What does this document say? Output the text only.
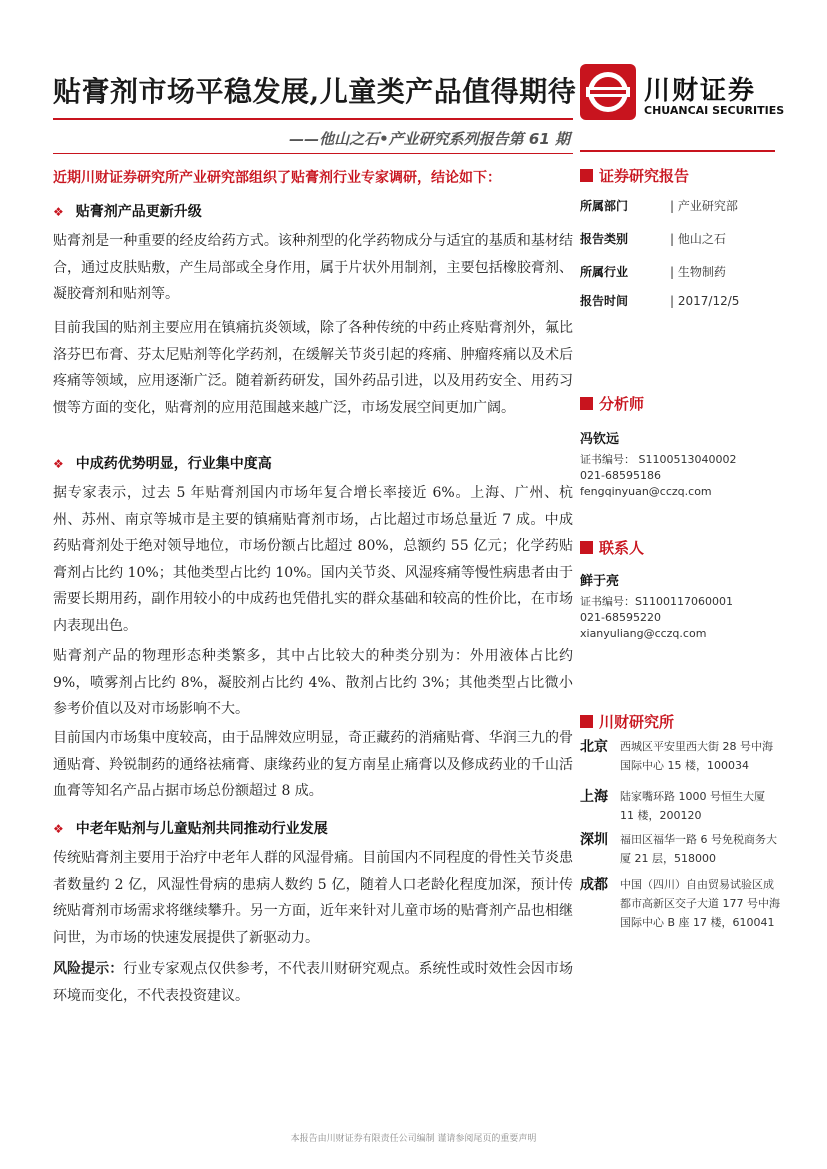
贴膏剂市场平稳发展,儿童类产品值得期待	川财证券
CHUANCAI SECURITIES
——他山之石•产业研究系列报告第 61 期
近期川财证券研究所产业研究部组织了贴膏剂行业专家调研，结论如下：
❖ 贴膏剂产品更新升级
贴膏剂是一种重要的经皮给药方式。该种剂型的化学药物成分与适宜的基质和基材结合，通过皮肤贴敷，产生局部或全身作用，属于片状外用制剂，主要包括橡胶膏剂、凝胶膏剂和贴剂等。
目前我国的贴剂主要应用在镇痛抗炎领域，除了各种传统的中药止疼贴膏剂外，氟比洛芬巴布膏、芬太尼贴剂等化学药剂，在缓解关节炎引起的疼痛、肿瘤疼痛以及术后疼痛等领域，应用逐渐广泛。随着新药研发，国外药品引进，以及用药安全、用药习惯等方面的变化，贴膏剂的应用范围越来越广泛，市场发展空间更加广阔。
❖ 中成药优势明显，行业集中度高
据专家表示，过去 5 年贴膏剂国内市场年复合增长率接近 6%。上海、广州、杭州、苏州、南京等城市是主要的镇痛贴膏剂市场，占比超过市场总量近 7 成。中成药贴膏剂处于绝对领导地位，市场份额占比超过 80%，总额约 55 亿元；化学药贴膏剂占比约 10%；其他类型占比约 10%。国内关节炎、风湿疼痛等慢性病患者由于需要长期用药，副作用较小的中成药也凭借扎实的群众基础和较高的性价比，在市场内表现出色。
贴膏剂产品的物理形态种类繁多，其中占比较大的种类分别为：外用液体占比约 9%，喷雾剂占比约 8%，凝胶剂占比约 4%、散剂占比约 3%；其他类型占比微小参考价值以及对市场影响不大。
目前国内市场集中度较高，由于品牌效应明显，奇正藏药的消痛贴膏、华润三九的骨通贴膏、羚锐制药的通络祛痛膏、康缘药业的复方南星止痛膏以及修成药业的千山活血膏等知名产品占据市场总份额超过 8 成。
❖ 中老年贴剂与儿童贴剂共同推动行业发展
传统贴膏剂主要用于治疗中老年人群的风湿骨痛。目前国内不同程度的骨性关节炎患者数量约 2 亿，风湿性骨病的患病人数约 5 亿，随着人口老龄化程度加深，预计传统贴膏剂市场需求将继续攀升。另一方面，近年来针对儿童市场的贴膏剂产品也相继问世，为市场的快速发展提供了新驱动力。
风险提示：行业专家观点仅供参考，不代表川财研究观点。系统性或时效性会因市场环境而变化，不代表投资建议。
证券研究报告
所属部门	| 产业研究部
报告类别	| 他山之石
所属行业	| 生物制药
报告时间	| 2017/12/5
分析师
冯钦远
证书编号： S1100513040002
021-68595186
fengqinyuan@cczq.com
联系人
鲜于亮
证书编号：S1100117060001
021-68595220
xianyuliang@cczq.com
川财研究所
北京 西城区平安里西大街 28 号中海国际中心 15 楼，100034
上海 陆家嘴环路 1000 号恒生大厦 11 楼，200120
深圳 福田区福华一路 6 号免税商务大厦 21 层，518000
成都 中国（四川）自由贸易试验区成都市高新区交子大道 177 号中海国际中心 B 座 17 楼，610041
本报告由川财证券有限责任公司编制 谨请参阅尾页的重要声明
